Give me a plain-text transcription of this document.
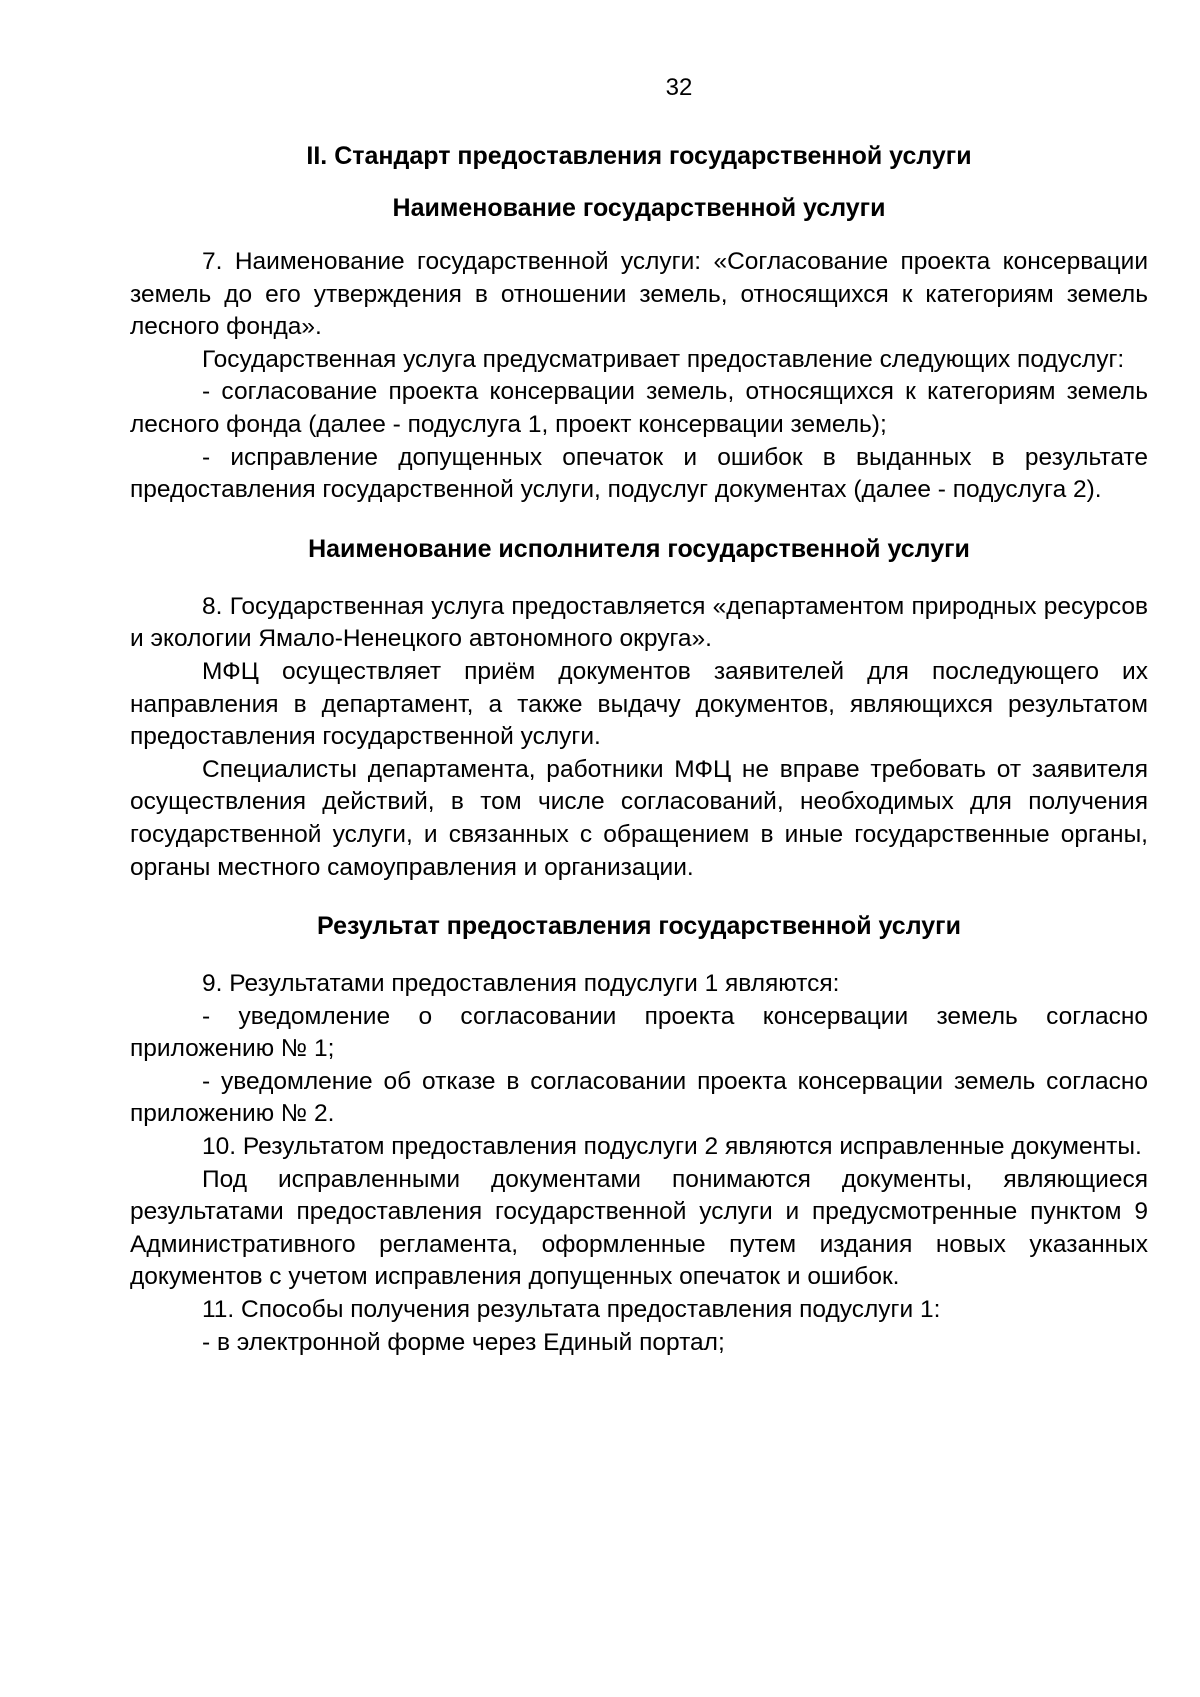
32
II. Стандарт предоставления государственной услуги
Наименование государственной услуги

7. Наименование государственной услуги: «Согласование проекта консервации земель до его утверждения в отношении земель, относящихся к категориям земель лесного фонда».

Государственная услуга предусматривает предоставление следующих подуслуг:

- согласование проекта консервации земель, относящихся к категориям земель лесного фонда (далее - подуслуга 1, проект консервации земель);

- исправление допущенных опечаток и ошибок в выданных в результате предоставления государственной услуги, подуслуг документах (далее - подуслуга 2).

Наименование исполнителя государственной услуги

8. Государственная услуга предоставляется «департаментом природных ресурсов и экологии Ямало-Ненецкого автономного округа».

МФЦ осуществляет приём документов заявителей для последующего их направления в департамент, а также выдачу документов, являющихся результатом предоставления государственной услуги.

Специалисты департамента, работники МФЦ не вправе требовать от заявителя осуществления действий, в том числе согласований, необходимых для получения государственной услуги, и связанных с обращением в иные государственные органы, органы местного самоуправления и организации.

Результат предоставления государственной услуги

9. Результатами предоставления подуслуги 1 являются:

- уведомление о согласовании проекта консервации земель согласно приложению № 1;

- уведомление об отказе в согласовании проекта консервации земель согласно приложению № 2.

10. Результатом предоставления подуслуги 2 являются исправленные документы.

Под исправленными документами понимаются документы, являющиеся результатами предоставления государственной услуги и предусмотренные пунктом 9 Административного регламента, оформленные путем издания новых указанных документов с учетом исправления допущенных опечаток и ошибок.

11. Способы получения результата предоставления подуслуги 1:

- в электронной форме через Единый портал;
